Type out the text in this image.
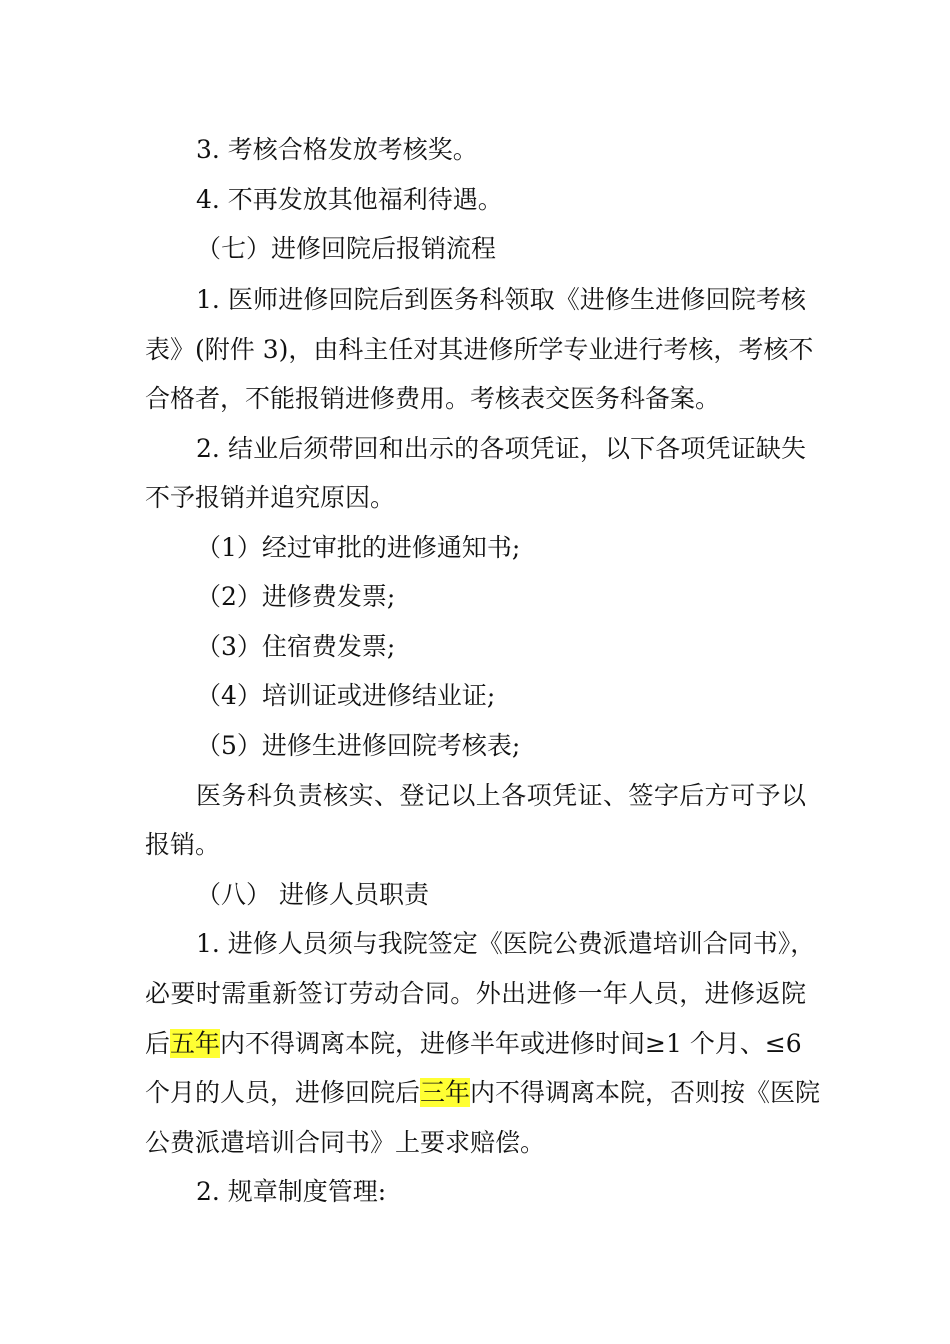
3. 考核合格发放考核奖。
4. 不再发放其他福利待遇。
（七）进修回院后报销流程
1. 医师进修回院后到医务科领取《进修生进修回院考核
表》(附件 3)，由科主任对其进修所学专业进行考核，考核不
合格者，不能报销进修费用。考核表交医务科备案。
2. 结业后须带回和出示的各项凭证，以下各项凭证缺失
不予报销并追究原因。
（1）经过审批的进修通知书;
（2）进修费发票;
（3）住宿费发票;
（4）培训证或进修结业证;
（5）进修生进修回院考核表;
医务科负责核实、登记以上各项凭证、签字后方可予以
报销。
（八） 进修人员职责
1. 进修人员须与我院签定《医院公费派遣培训合同书》，
必要时需重新签订劳动合同。外出进修一年人员，进修返院
后五年内不得调离本院，进修半年或进修时间≥1 个月、≤6
个月的人员，进修回院后三年内不得调离本院，否则按《医院
公费派遣培训合同书》上要求赔偿。
2. 规章制度管理:
